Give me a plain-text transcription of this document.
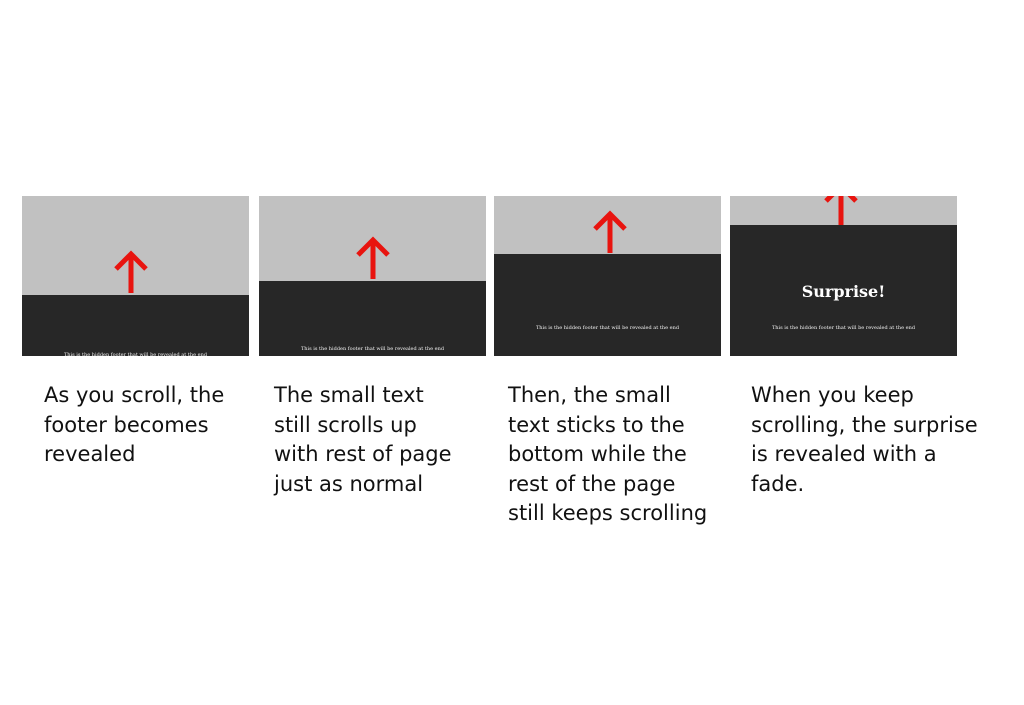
This is the hidden footer that will be revealed at the end
This is the hidden footer that will be revealed at the end
This is the hidden footer that will be revealed at the end
Surprise!
This is the hidden footer that will be revealed at the end
As you scroll, the
footer becomes
revealed
The small text
still scrolls up
with rest of page
just as normal
Then, the small
text sticks to the
bottom while the
rest of the page
still keeps scrolling
When you keep
scrolling, the surprise
is revealed with a
fade.
